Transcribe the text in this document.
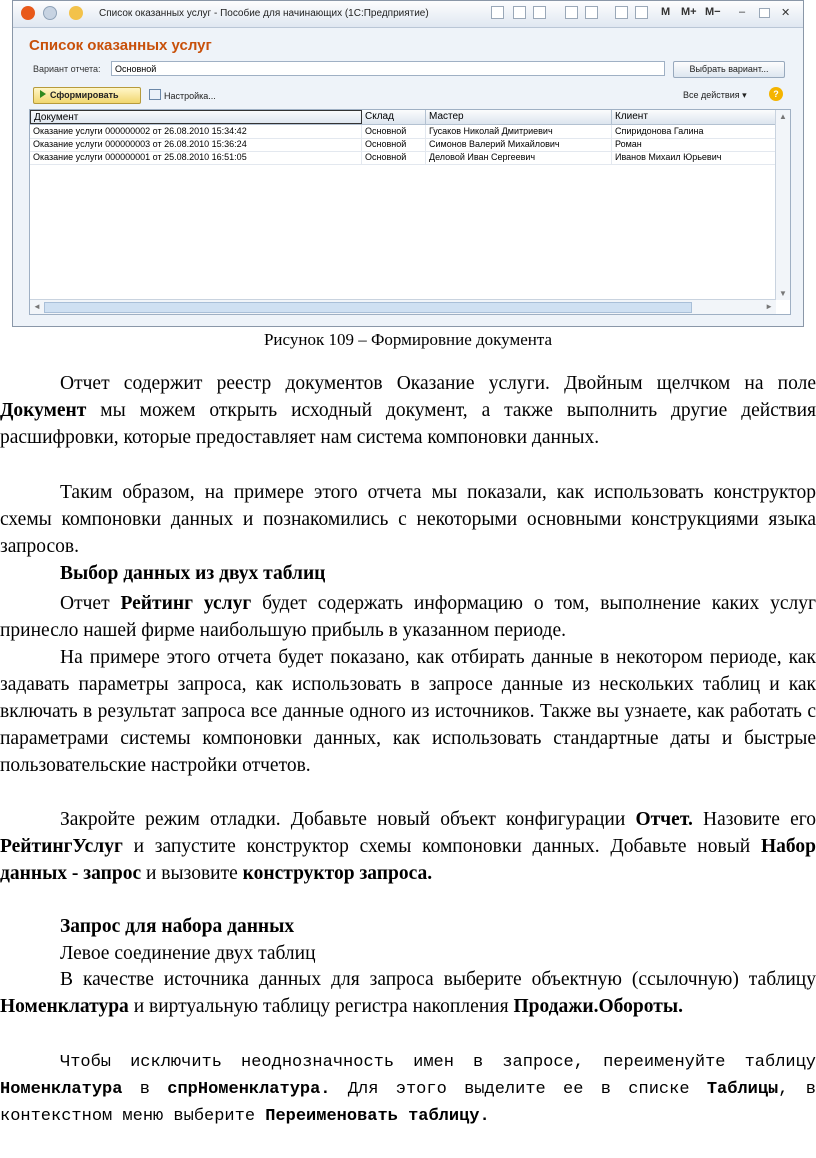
Список оказанных услуг - Пособие для начинающих (1С:Предприятие)	M M+ M− –	✕
Список оказанных услуг
Вариант отчета:	Основной	Выбрать вариант...
Сформировать	Настройка...	Все действия ▾	?
Документ	Склад	Мастер	Клиент
Оказание услуги 000000002 от 26.08.2010 15:34:42	Основной	Гусаков Николай Дмитриевич	Спиридонова Галина
Оказание услуги 000000003 от 26.08.2010 15:36:24	Основной	Симонов Валерий Михайлович	Роман
Оказание услуги 000000001 от 25.08.2010 16:51:05	Основной	Деловой Иван Сергеевич	Иванов Михаил Юрьевич
▲
▼
◄	►
Рисунок 109 – Формировние документа
Отчет содержит реестр документов Оказание услуги. Двойным щелчком на поле Документ мы можем открыть исходный документ, а также выполнить другие действия расшифровки, которые предоставляет нам система компоновки данных.
Таким образом, на примере этого отчета мы показали, как использовать конструктор схемы компоновки данных и познакомились с некоторыми основными конструкциями языка запросов.
Выбор данных из двух таблиц
Отчет Рейтинг услуг будет содержать информацию о том, выполнение каких услуг принесло нашей фирме наибольшую прибыль в указанном периоде.
На примере этого отчета будет показано, как отбирать данные в некотором периоде, как задавать параметры запроса, как использовать в запросе данные из нескольких таблиц и как включать в результат запроса все данные одного из источников. Также вы узнаете, как работать с параметрами системы компоновки данных, как использовать стандартные даты и быстрые пользовательские настройки отчетов.
Закройте режим отладки. Добавьте новый объект конфигурации Отчет. Назовите его РейтингУслуг и запустите конструктор схемы компоновки данных. Добавьте новый Набор данных - запрос и вызовите конструктор запроса.
Запрос для набора данных
Левое соединение двух таблиц
В качестве источника данных для запроса выберите объектную (ссылочную) таблицу Номенклатура и виртуальную таблицу регистра накопления Продажи.Обороты.
Чтобы исключить неоднозначность имен в запросе, переименуйте таблицу Номенклатура в спрНоменклатура. Для этого выделите ее в списке Таблицы, в контекстном меню выберите Переименовать таблицу.
